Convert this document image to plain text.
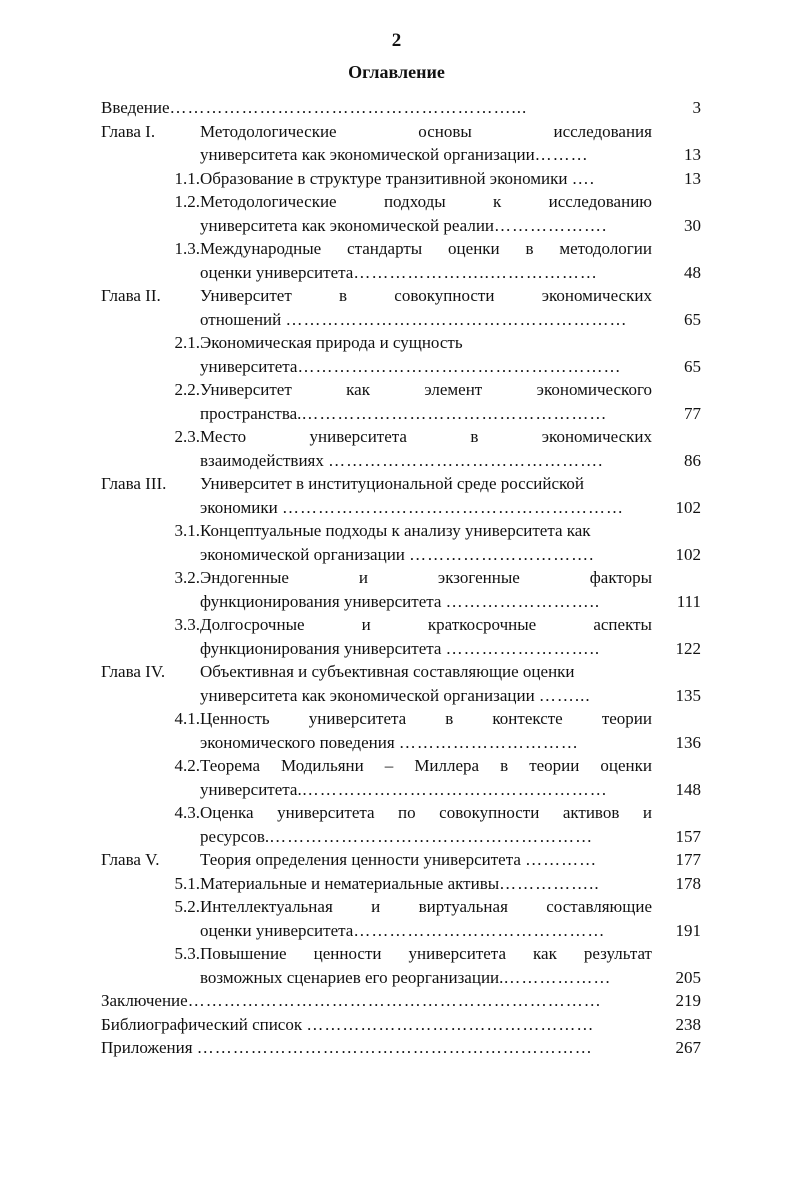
2
Оглавление
Введение…………………………………………………...	3
Глава I.	Методологические	основы	исследования
университета как экономической организации………	13
1.1. Образование в структуре транзитивной экономики ….	13
1.2. Методологические	подходы	к	исследованию
университета как экономической реалии……………….	30
1.3. Международные стандарты оценки в методологии
оценки университета…………………..………………	48
Глава II.	Университет	в	совокупности	экономических
отношений …………………………………………………	65
2.1. Экономическая природа и сущность
университета………………………………………………	65
2.2. Университет	как	элемент	экономического
пространства.……………………………………………	77
2.3. Место	университета	в	экономических
взаимодействиях ……………………………………….	86
Глава III.	Университет в институциональной среде российской
экономики …………………………………………………	102
3.1. Концептуальные подходы к анализу университета как
экономической организации ………………………….	102
3.2. Эндогенные	и	экзогенные	факторы
функционирования университета ……………………..	111
3.3. Долгосрочные	и	краткосрочные	аспекты
функционирования университета ……………………..	122
Глава IV.	Объективная и субъективная составляющие оценки
университета как экономической организации ……...	135
4.1. Ценность университета в контексте теории
экономического поведения …………………………	136
4.2. Теорема Модильяни – Миллера в теории оценки
университета.……………………………………………	148
4.3. Оценка университета по совокупности активов и
ресурсов.………………………………………………	157
Глава V.	Теория определения ценности университета …………	177
5.1. Материальные и нематериальные активы……………..	178
5.2. Интеллектуальная и виртуальная составляющие
оценки университета……………………………………	191
5.3. Повышение ценности университета как результат
возможных сценариев его реорганизации.………………	205
Заключение……………………………………………………………	219
Библиографический список …………………………………………	238
Приложения …………………………………………………………	267
